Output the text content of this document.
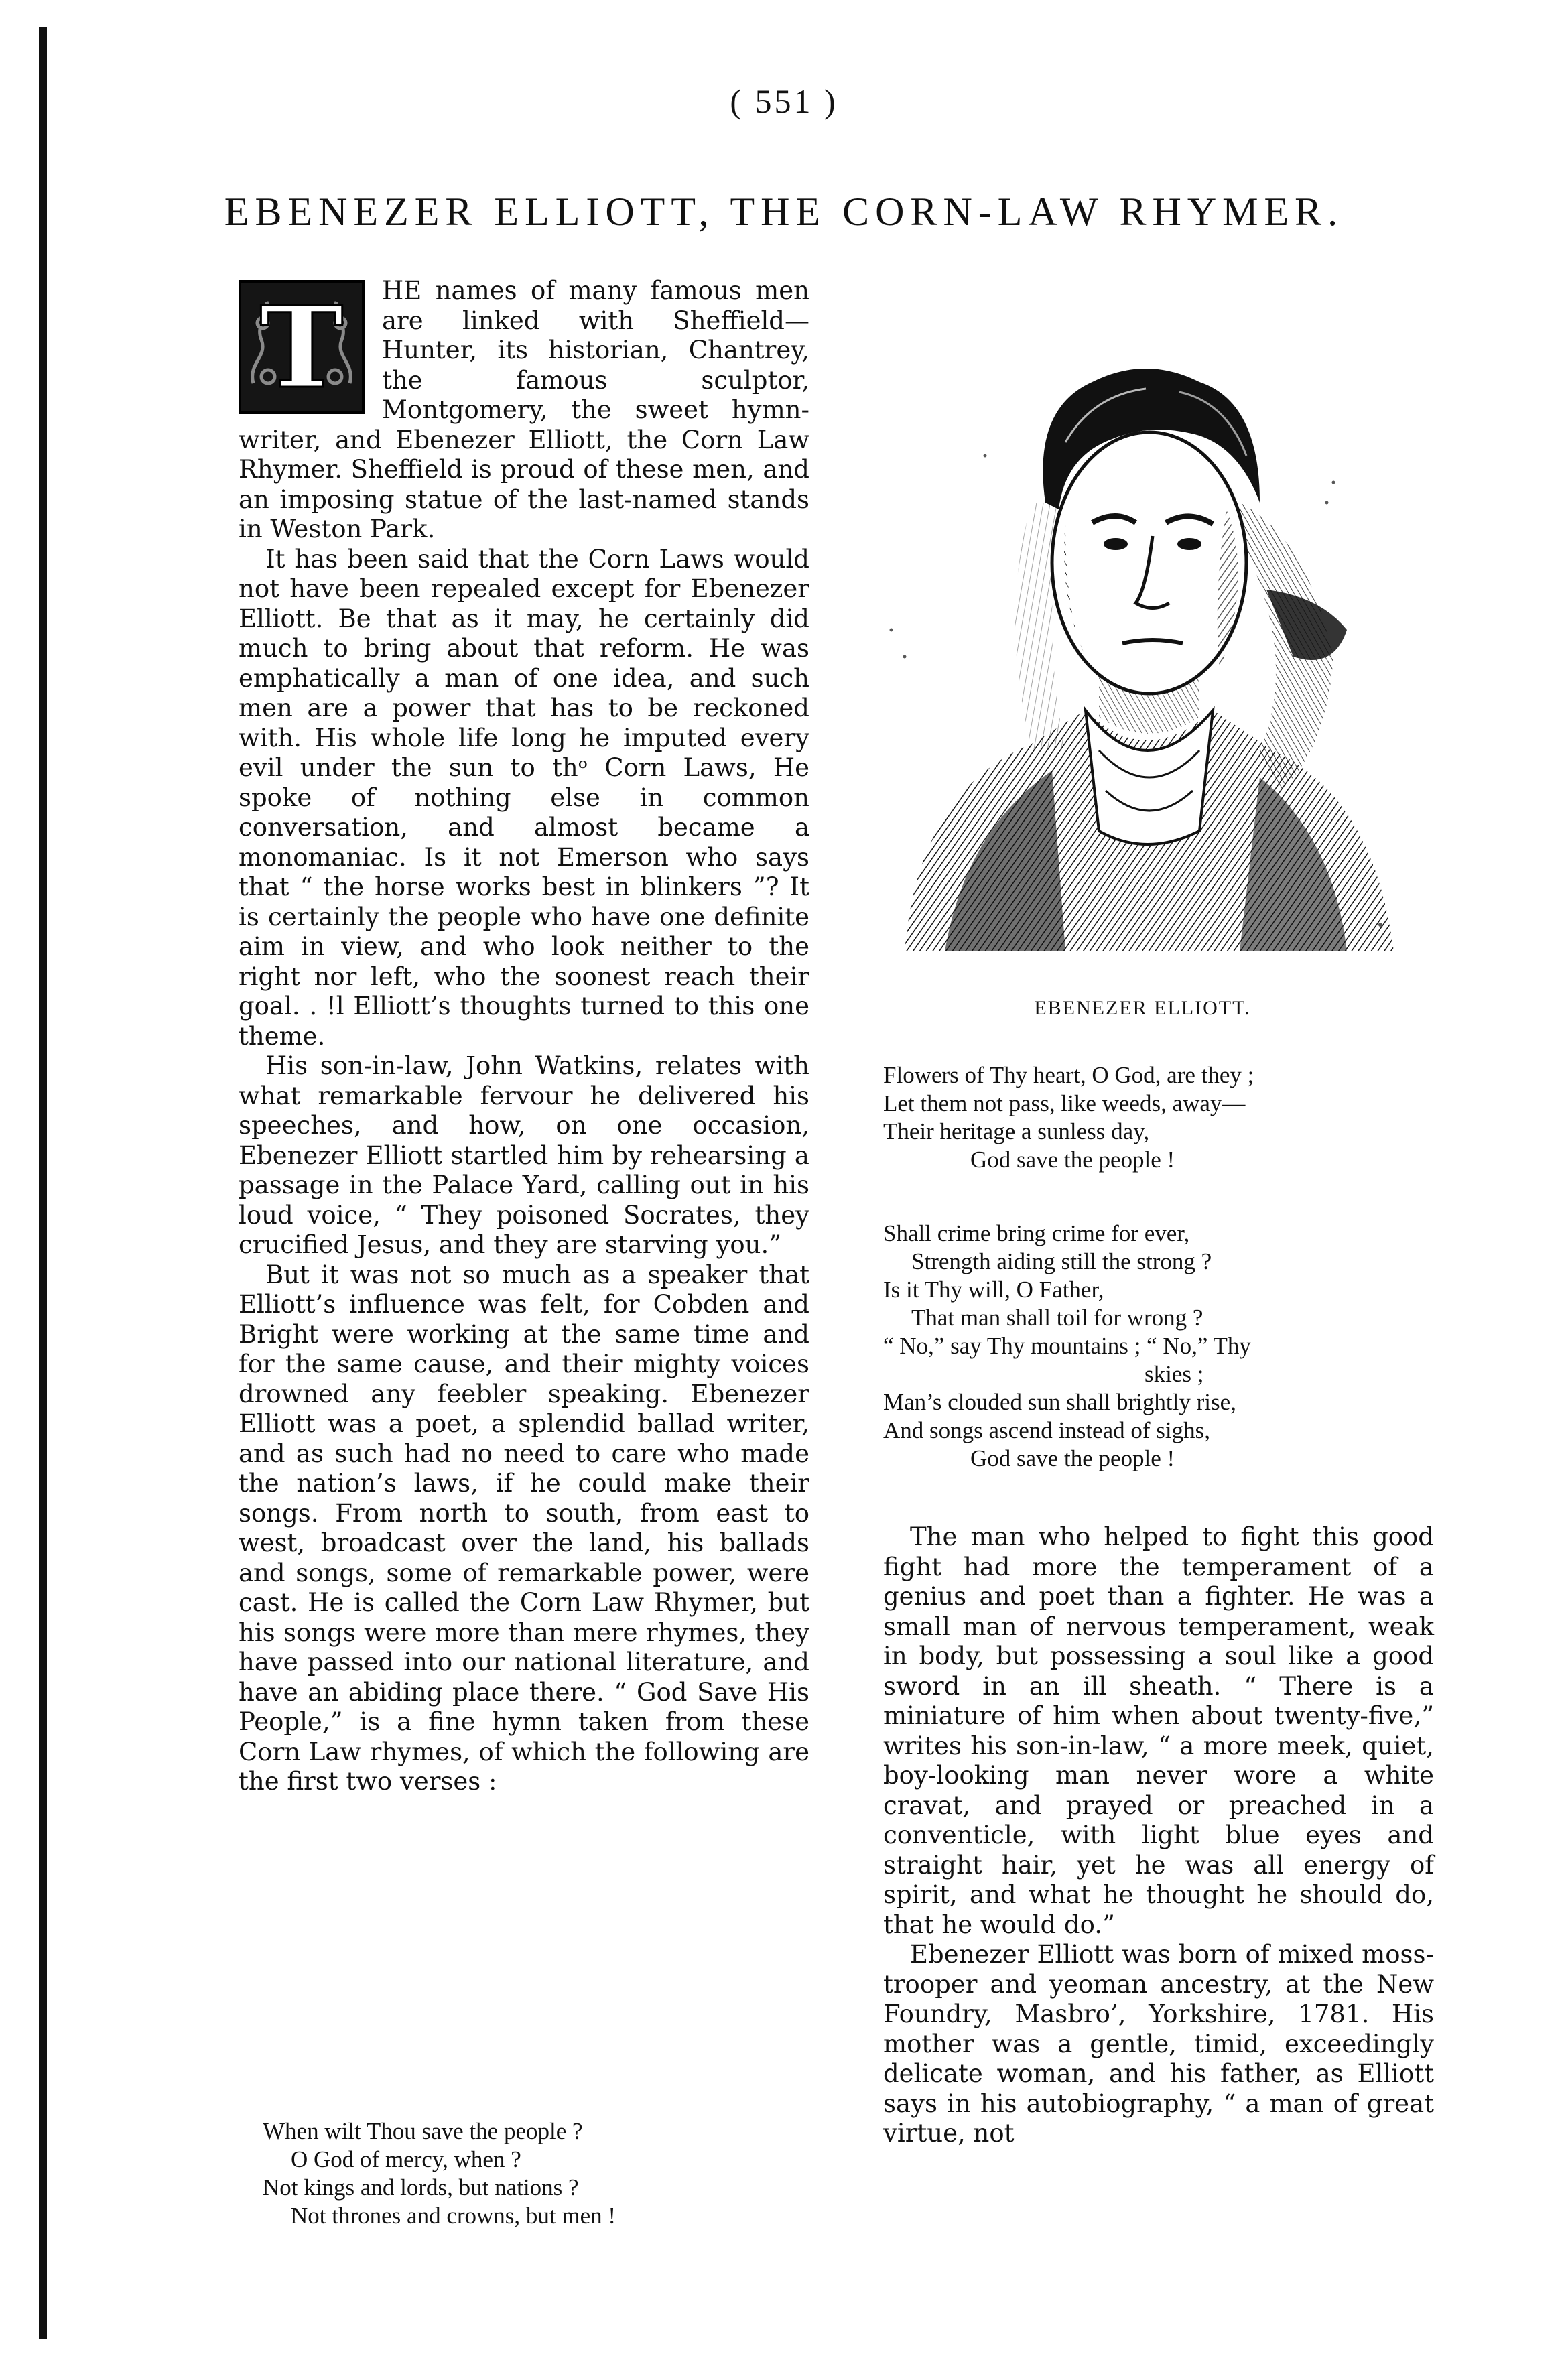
( 551 )
EBENEZER ELLIOTT, THE CORN-LAW RHYMER.

T	HE names of many famous men are linked with Sheffield—Hunter, its historian, Chantrey, the famous sculptor, Montgomery, the sweet hymn-writer, and Ebenezer Elliott, the Corn Law Rhymer. Sheffield is proud of these men, and an imposing statue of the last-named stands in Weston Park.

It has been said that the Corn Laws would not have been repealed except for Ebenezer Elliott. Be that as it may, he certainly did much to bring about that reform. He was emphatically a man of one idea, and such men are a power that has to be reckoned with. His whole life long he imputed every evil under the sun to thᵒ Corn Laws, He spoke of nothing else in common conversation, and almost became a monomaniac. Is it not Emerson who says that “ the horse works best in blinkers ”? It is certainly the people who have one definite aim in view, and who look neither to the right nor left, who the soonest reach their goal. . !l Elliott’s thoughts turned to this one theme.

His son-in-law, John Watkins, relates with what remarkable fervour he delivered his speeches, and how, on one occasion, Ebenezer Elliott startled him by rehearsing a passage in the Palace Yard, calling out in his loud voice, “ They poisoned Socrates, they crucified Jesus, and they are starving you.”

But it was not so much as a speaker that Elliott’s influence was felt, for Cobden and Bright were working at the same time and for the same cause, and their mighty voices drowned any feebler speaking. Ebenezer Elliott was a poet, a splendid ballad writer, and as such had no need to care who made the nation’s laws, if he could make their songs. From north to south, from east to west, broadcast over the land, his ballads and songs, some of remarkable power, were cast. He is called the Corn Law Rhymer, but his songs were more than mere rhymes, they have passed into our national literature, and have an abiding place there. “ God Save His People,” is a fine hymn taken from these Corn Law rhymes, of which the following are the first two verses :

When wilt Thou save the people ?
O God of mercy, when ?
Not kings and lords, but nations ?
Not thrones and crowns, but men !
EBENEZER ELLIOTT.
Flowers of Thy heart, O God, are they ;
Let them not pass, like weeds, away—
Their heritage a sunless day,
God save the people !
Shall crime bring crime for ever,
Strength aiding still the strong ?
Is it Thy will, O Father,
That man shall toil for wrong ?
“ No,” say Thy mountains ; “ No,” Thy
skies ;
Man’s clouded sun shall brightly rise,
And songs ascend instead of sighs,
God save the people !

The man who helped to fight this good fight had more the temperament of a genius and poet than a fighter. He was a small man of nervous temperament, weak in body, but possessing a soul like a good sword in an ill sheath. “ There is a miniature of him when about twenty-five,” writes his son-in-law, “ a more meek, quiet, boy-looking man never wore a white cravat, and prayed or preached in a conventicle, with light blue eyes and straight hair, yet he was all energy of spirit, and what he thought he should do, that he would do.”

Ebenezer Elliott was born of mixed moss-trooper and yeoman ancestry, at the New Foundry, Masbro’, Yorkshire, 1781. His mother was a gentle, timid, exceedingly delicate woman, and his father, as Elliott says in his autobiography, “ a man of great virtue, not
